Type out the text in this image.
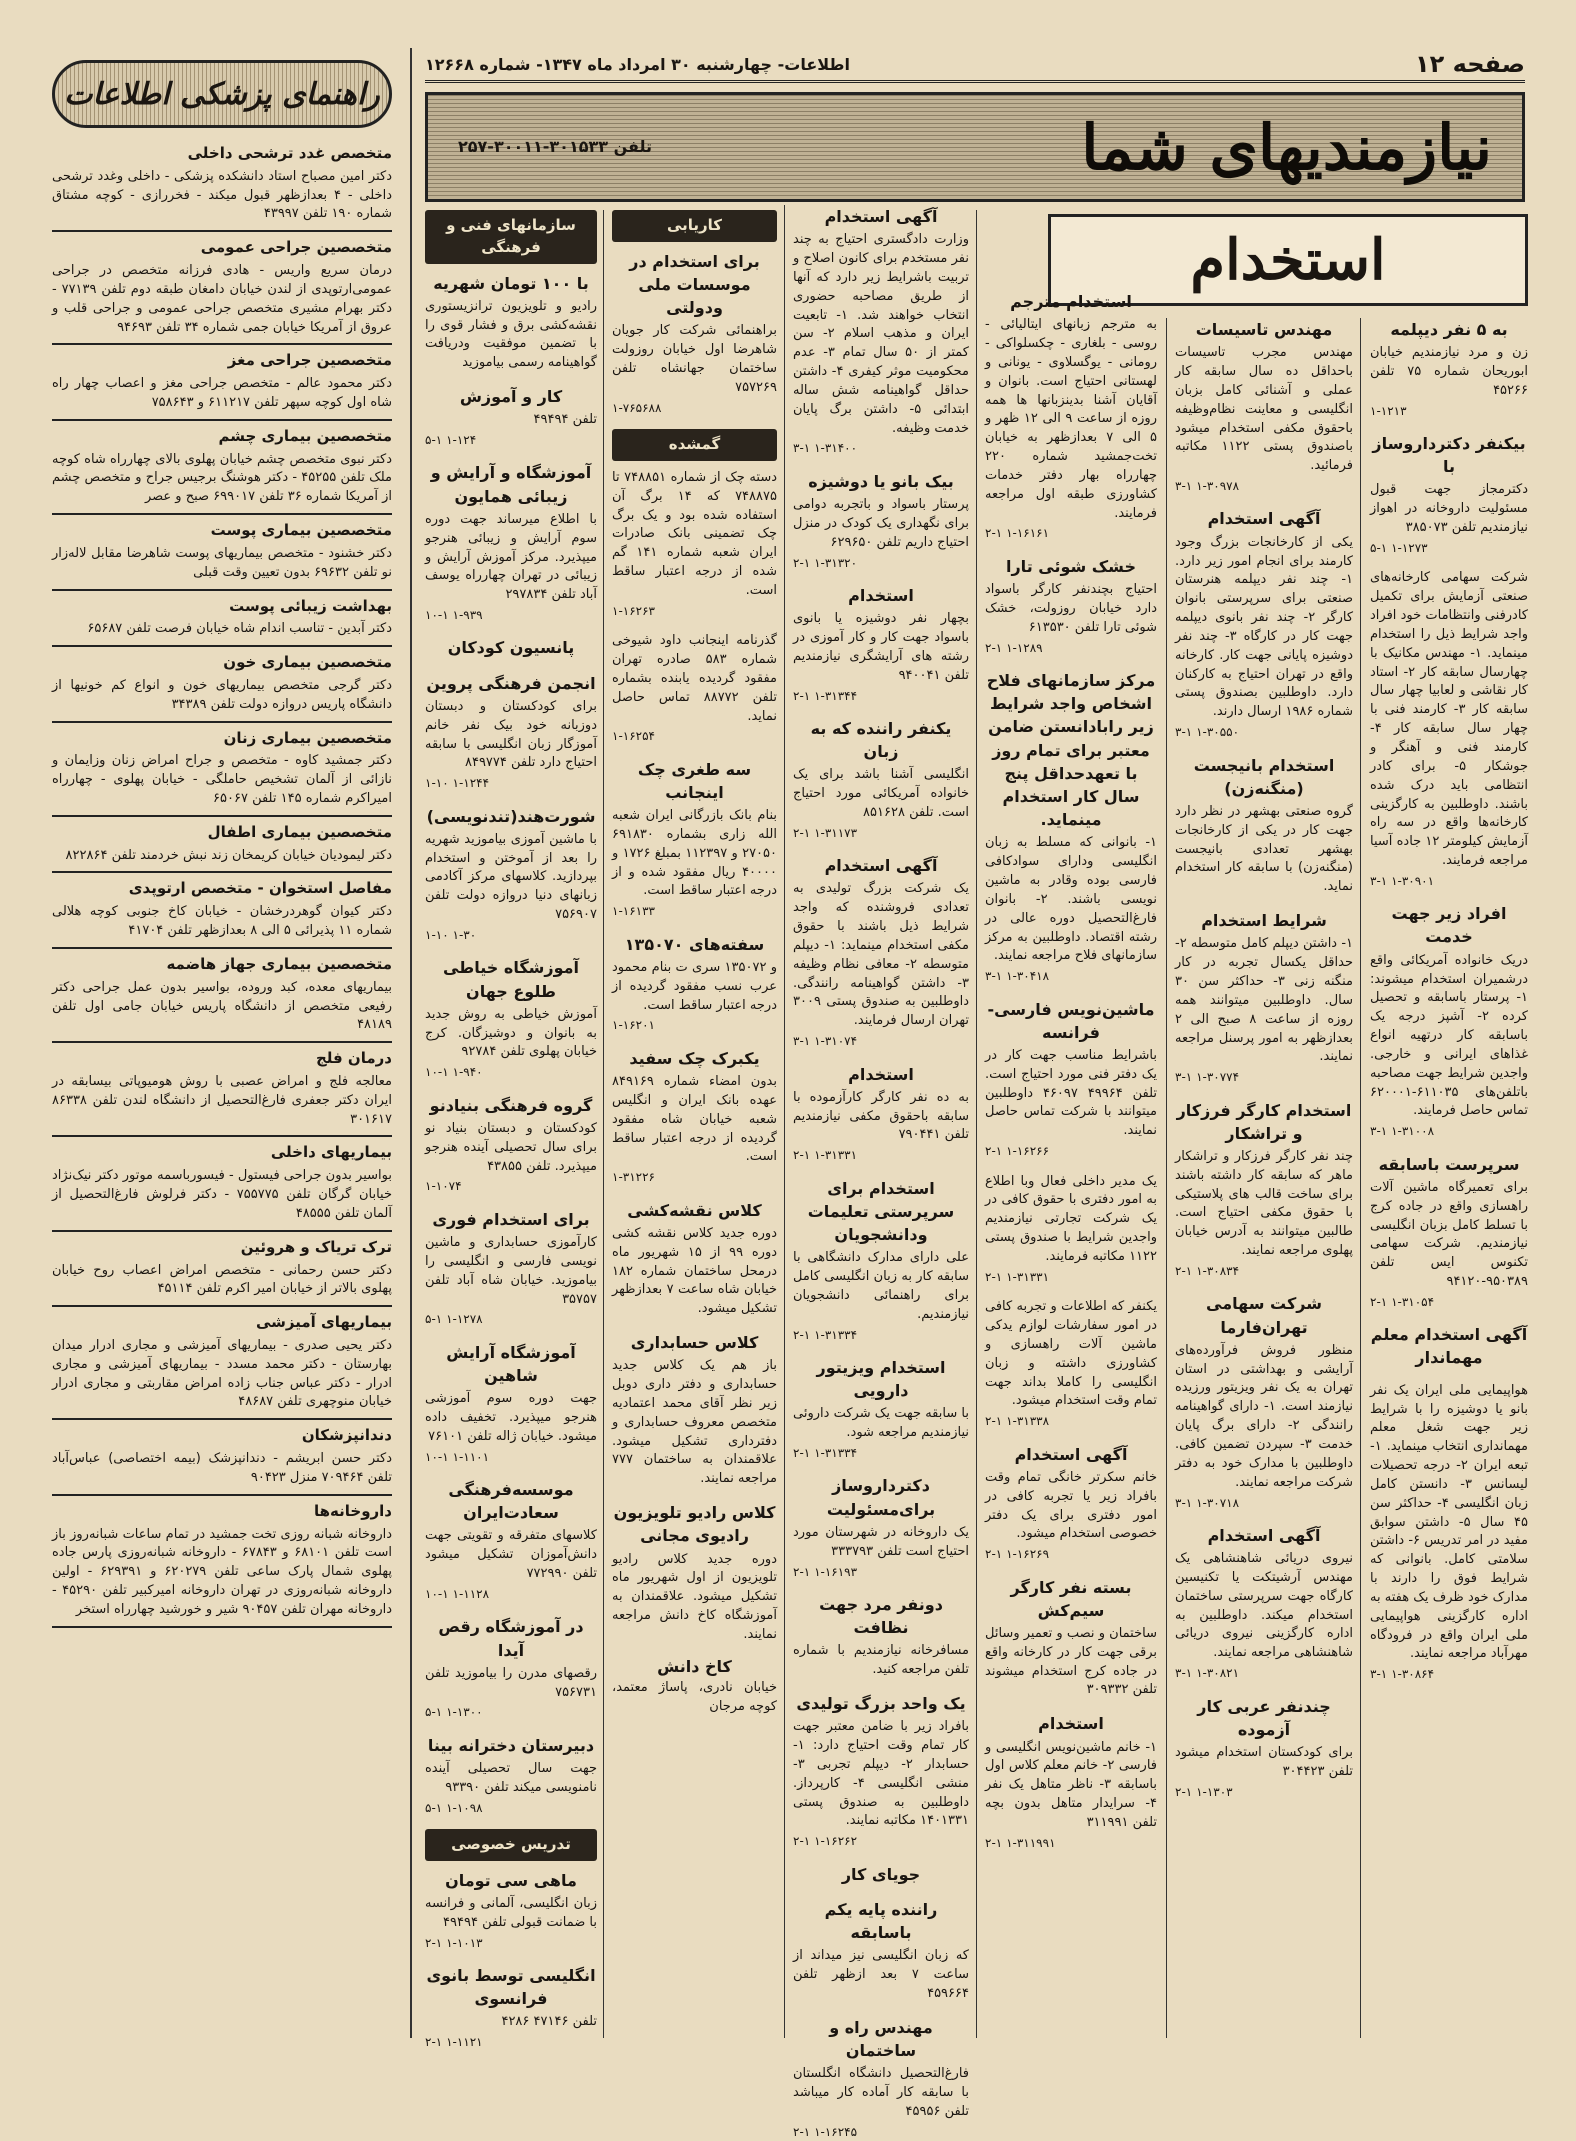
صفحه ۱۲
اطلاعات- چهارشنبه ۳۰ امرداد ماه ۱۳۴۷- شماره ۱۲۶۶۸
نیازمندیهای شما
تلفن ۳۰۱۵۳۳-۳۰۰۱۱-۲۵۷
استخدام
به ۵ نفر دیپلمه

زن و مرد نیازمندیم خیابان ابوریحان شماره ۷۵ تلفن ۴۵۲۶۶

۱-۱۲۱۳
بیکنفر دکترداروساز با

دکترمجاز جهت قبول مسئولیت داروخانه در اهواز نیازمندیم تلفن ۳۸۵۰۷۳

۱-۱۲۷۳ ۵-۱

شرکت سهامی کارخانه‌های صنعتی آزمایش برای تکمیل کادرفنی وانتظامات خود افراد واجد شرایط ذیل را استخدام مینماید. ۱- مهندس مکانیک با چهارسال سابقه کار ۲- استاد کار نقاشی و لعابیا چهار سال سابقه کار ۳- کارمند فنی با چهار سال سابقه کار ۴- کارمند فنی و آهنگر و جوشکار ۵- برای کادر انتظامی باید درک شده باشند. داوطلبین به کارگزینی کارخانه‌ها واقع در سه راه آزمایش کیلومتر ۱۲ جاده آسیا مراجعه فرمایند.

۱-۳۰۹۰۱ ۳-۱
افراد زیر جهت خدمت

دریک خانواده آمریکائی واقع درشمیران استخدام میشوند: ۱- پرستار باسابقه و تحصیل کرده ۲- آشپز درجه یک باسابقه کار درتهیه انواع غذاهای ایرانی و خارجی. واجدین شرایط جهت مصاحبه باتلفن‌های ۶۱۱۰۳۵-۶۲۰۰۰۱ تماس حاصل فرمایند.

۱-۳۱۰۰۸ ۳-۱
سرپرست باسابقه

برای تعمیرگاه ماشین آلات راهسازی واقع در جاده کرج با تسلط کامل بزبان انگلیسی نیازمندیم. شرکت سهامی تکنوس ایس تلفن ۹۵۰۳۸۹-۹۴۱۲۰

۱-۳۱۰۵۴ ۲-۱
آگهی استخدام معلم مهماندار

هواپیمایی ملی ایران یک نفر بانو یا دوشیزه را با شرایط زیر جهت شغل معلم مهمانداری انتخاب مینماید. ۱- تبعه ایران ۲- درجه تحصیلات لیسانس ۳- دانستن کامل زبان انگلیسی ۴- حداکثر سن ۴۵ سال ۵- داشتن سوابق مفید در امر تدریس ۶- داشتن سلامتی کامل. بانوانی که شرایط فوق را دارند با مدارک خود ظرف یک هفته به اداره کارگزینی هواپیمایی ملی ایران واقع در فرودگاه مهرآباد مراجعه نمایند.

۱-۳۰۸۶۴ ۳-۱
مهندس تاسیسات

مهندس مجرب تاسیسات باحداقل ده سال سابقه کار عملی و آشنائی کامل بزبان انگلیسی و معاینت نظام‌وظیفه باحقوق مکفی استخدام میشود باصندوق پستی ۱۱۲۲ مکاتبه فرمائید.

۱-۳۰۹۷۸ ۳-۱
آگهی استخدام

یکی از کارخانجات بزرگ وجود کارمند برای انجام امور زیر دارد. ۱- چند نفر دیپلمه هنرستان صنعتی برای سرپرستی بانوان کارگر ۲- چند نفر بانوی دیپلمه جهت کار در کارگاه ۳- چند نفر دوشیزه پایانی جهت کار. کارخانه واقع در تهران احتیاج به کارکنان دارد. داوطلبین بصندوق پستی شماره ۱۹۸۶ ارسال دارند.

۱-۳۰۵۵۰ ۳-۱
استخدام بانیجست (منگنه‌زن)

گروه صنعتی بهشهر در نظر دارد جهت کار در یکی از کارخانجات بهشهر تعدادی بانیجست (منگنه‌زن) با سابقه کار استخدام نماید.

شرایط استخدام

۱- داشتن دیپلم کامل متوسطه ۲- حداقل یکسال تجربه در کار منگنه زنی ۳- حداکثر سن ۳۰ سال. داوطلبین میتوانند همه روزه از ساعت ۸ صبح الی ۲ بعدازظهر به امور پرسنل مراجعه نمایند.

۱-۳۰۷۷۴ ۳-۱
استخدام کارگر فرزکار و تراشکار

چند نفر کارگر فرزکار و تراشکار ماهر که سابقه کار داشته باشند برای ساخت قالب های پلاستیکی با حقوق مکفی احتیاج است. طالبین میتوانند به آدرس خیابان پهلوی مراجعه نمایند.

۱-۳۰۸۳۴ ۲-۱
شرکت سهامی تهران‌فارما

منظور فروش فرآورده‌های آرایشی و بهداشتی در استان تهران به یک نفر ویزیتور ورزیده نیازمند است. ۱- دارای گواهینامه رانندگی ۲- دارای برگ پایان خدمت ۳- سپردن تضمین کافی. داوطلبین با مدارک خود به دفتر شرکت مراجعه نمایند.

۱-۳۰۷۱۸ ۳-۱
آگهی استخدام

نیروی دریائی شاهنشاهی یک مهندس آرشیتکت یا تکنیسین کارگاه جهت سرپرستی ساختمان استخدام میکند. داوطلبین به اداره کارگزینی نیروی دریائی شاهنشاهی مراجعه نمایند.

۱-۳۰۸۲۱ ۳-۱
چندنفر عربی کار آزموده

برای کودکستان استخدام میشود تلفن ۳۰۴۴۲۳

۱-۱۳۰۳ ۲-۱
استخدام مترجم

به مترجم زبانهای ایتالیائی - روسی - بلغاری - چکسلواکی - رومانی - یوگسلاوی - یونانی و لهستانی احتیاج است. بانوان و آقایان آشنا بدینزبانها ها همه روزه از ساعت ۹ الی ۱۲ ظهر و ۵ الی ۷ بعدازظهر به خیابان تخت‌جمشید شماره ۲۲۰ چهارراه بهار دفتر خدمات کشاورزی طبقه اول مراجعه فرمایند.

۱-۱۶۱۶۱ ۲-۱
خشک شوئی تارا

احتیاج بچندنفر کارگر باسواد دارد خیابان روزولت، خشک شوئی تارا تلفن ۶۱۳۵۳۰

۱-۱۲۸۹ ۲-۱
مرکز سازمانهای فلاح اشخاص واجد شرایط زیر رابادانستن ضامن معتبر برای تمام روز با تعهدحداقل پنج سال کار استخدام مینماید.

۱- بانوانی که مسلط به زبان انگلیسی ودارای سوادکافی فارسی بوده وقادر به ماشین نویسی باشند. ۲- بانوان فارغ‌التحصیل دوره عالی در رشته اقتصاد. داوطلبین به مرکز سازمانهای فلاح مراجعه نمایند.

۱-۳۰۴۱۸ ۳-۱
ماشین‌نویس فارسی-فرانسه

باشرایط مناسب جهت کار در یک دفتر فنی مورد احتیاج است. تلفن ۴۹۹۶۴ ۴۶۰۹۷ داوطلبین میتوانند با شرکت تماس حاصل نمایند.

۱-۱۶۲۶۶ ۲-۱

یک مدیر داخلی فعال وبا اطلاع به امور دفتری با حقوق کافی در یک شرکت تجارتی نیازمندیم واجدین شرایط با صندوق پستی ۱۱۲۲ مکاتبه فرمایند.

۱-۳۱۳۳۱ ۲-۱

یکنفر که اطلاعات و تجربه کافی در امور سفارشات لوازم یدکی ماشین آلات راهسازی و کشاورزی داشته و زبان انگلیسی را کاملا بداند جهت تمام وقت استخدام میشود.

۱-۳۱۳۳۸ ۲-۱
آگهی استخدام

خانم سکرتر خانگی تمام وقت بافراد زیر یا تجربه کافی در امور دفتری برای یک دفتر خصوصی استخدام میشود.

۱-۱۶۲۶۹ ۲-۱
بسته نفر کارگر سیم‌کش

ساختمان و نصب و تعمیر وسائل برقی جهت کار در کارخانه واقع در جاده کرج استخدام میشوند تلفن ۳۰۹۳۳۲

استخدام

۱- خانم ماشین‌نویس انگلیسی و فارسی ۲- خانم معلم کلاس اول باسابقه ۳- ناظر متاهل یک نفر ۴- سرایدار متاهل بدون بچه تلفن ۳۱۱۹۹۱

۱-۳۱۱۹۹۱ ۲-۱
آگهی استخدام

وزارت دادگستری احتیاج به چند نفر مستخدم برای کانون اصلاح و تربیت باشرایط زیر دارد که آنها از طریق مصاحبه حضوری انتخاب خواهند شد. ۱- تابعیت ایران و مذهب اسلام ۲- سن کمتر از ۵۰ سال تمام ۳- عدم محکومیت موثر کیفری ۴- داشتن حداقل گواهینامه شش ساله ابتدائی ۵- داشتن برگ پایان خدمت وظیفه.

۱-۳۱۴۰۰ ۳-۱
بیک بانو یا دوشیزه

پرستار باسواد و باتجربه دوامی برای نگهداری یک کودک در منزل احتیاج داریم تلفن ۶۲۹۶۵۰

۱-۳۱۳۲۰ ۲-۱
استخدام

بچهار نفر دوشیزه یا بانوی باسواد جهت کار و کار آموزی در رشته های آرایشگری نیازمندیم تلفن ۹۴۰۰۴۱

۱-۳۱۳۴۴ ۲-۱
یکنفر راننده که به زبان

انگلیسی آشنا باشد برای یک خانواده آمریکائی مورد احتیاج است. تلفن ۸۵۱۶۲۸

۱-۳۱۱۷۳ ۲-۱
آگهی استخدام

یک شرکت بزرگ تولیدی به تعدادی فروشنده که واجد شرایط ذیل باشند با حقوق مکفی استخدام مینماید: ۱- دیپلم متوسطه ۲- معافی نظام وظیفه ۳- داشتن گواهینامه رانندگی. داوطلبین به صندوق پستی ۳۰۰۹ تهران ارسال فرمایند.

۱-۳۱۰۷۴ ۳-۱
استخدام

به ده نفر کارگر کارآزموده با سابقه باحقوق مکفی نیازمندیم تلفن ۷۹۰۴۴۱

۱-۳۱۳۳۱ ۲-۱
استخدام برای سرپرستی تعلیمات ودانشجویان

علی دارای مدارک دانشگاهی با سابقه کار به زبان انگلیسی کامل برای راهنمائی دانشجویان نیازمندیم.

۱-۳۱۳۳۴ ۲-۱
استخدام ویزیتور دارویی

با سابقه جهت یک شرکت داروئی نیازمندیم مراجعه شود.

۱-۳۱۳۳۴ ۲-۱
دکترداروساز برای‌مسئولیت

یک داروخانه در شهرستان مورد احتیاج است تلفن ۳۳۳۷۹۳

۱-۱۶۱۹۳ ۲-۱
دونفر مرد جهت نظافت

مسافرخانه نیازمندیم با شماره تلفن مراجعه کنید.

یک واحد بزرگ تولیدی

بافراد زیر با ضامن معتبر جهت کار تمام وقت احتیاج دارد: ۱- حسابدار ۲- دیپلم تجربی ۳- منشی انگلیسی ۴- کارپرداز. داوطلبین به صندوق پستی ۱۴۰۱۳۳۱ مکاتبه نمایند.

۱-۱۶۲۶۲ ۲-۱
جویای کار
راننده پایه یکم باسابقه

که زبان انگلیسی نیز میداند از ساعت ۷ بعد ازظهر تلفن ۴۵۹۶۶۴

مهندس راه و ساختمان

فارغ‌التحصیل دانشگاه انگلستان با سابقه کار آماده کار میباشد تلفن ۴۵۹۵۶

۱-۱۶۲۴۵ ۲-۱
کاریابی
برای استخدام در موسسات ملی ودولتی

براهنمائی شرکت کار جویان شاهرضا اول خیابان روزولت ساختمان جهانشاه تلفن ۷۵۷۲۶۹

۱-۷۶۵۶۸۸
گمشده

دسته چک از شماره ۷۴۸۸۵۱ تا ۷۴۸۸۷۵ که ۱۴ برگ آن استفاده شده بود و یک برگ چک تضمینی بانک صادرات ایران شعبه شماره ۱۴۱ گم شده از درجه اعتبار ساقط است.

۱-۱۶۲۶۳

گذرنامه اینجانب داود شیوخی شماره ۵۸۳ صادره تهران مفقود گردیده یابنده بشماره تلفن ۸۸۷۷۲ تماس حاصل نماید.

۱-۱۶۲۵۴
سه طغری چک اینجانب

بنام بانک بازرگانی ایران شعبه الله زاری بشماره ۶۹۱۸۳۰ ۲۷۰۵۰ و ۱۱۲۳۹۷ بمبلغ ۱۷۲۶ و ۴۰۰۰۰ ریال مفقود شده و از درجه اعتبار ساقط است.

۱-۱۶۱۳۳
سفته‌های ۱۳۵۰۷۰

و ۱۳۵۰۷۲ سری ت بنام محمود عرب نسب مفقود گردیده از درجه اعتبار ساقط است.

۱-۱۶۲۰۱
یکبرک چک سفید

بدون امضاء شماره ۸۴۹۱۶۹ عهده بانک ایران و انگلیس شعبه خیابان شاه مفقود گردیده از درجه اعتبار ساقط است.

۱-۳۱۲۲۶
کلاس نقشه‌کشی

دوره جدید کلاس نقشه کشی دوره ۹۹ از ۱۵ شهریور ماه درمحل ساختمان شماره ۱۸۲ خیابان شاه ساعت ۷ بعدازظهر تشکیل میشود.

کلاس حسابداری

باز هم یک کلاس جدید حسابداری و دفتر داری دوبل زیر نظر آقای محمد اعتمادیه متخصص معروف حسابداری و دفترداری تشکیل میشود. علاقمندان به ساختمان ۷۷۷ مراجعه نمایند.

کلاس رادیو تلویزیون رادیوی مجانی

دوره جدید کلاس رادیو تلویزیون از اول شهریور ماه تشکیل میشود. علاقمندان به آموزشگاه کاخ دانش مراجعه نمایند.

کاخ دانش

خیابان نادری، پاساژ معتمد، کوچه مرجان

سازمانهای فنی و فرهنگی
با ۱۰۰ تومان شهریه

رادیو و تلویزیون ترانزیستوری نقشه‌کشی برق و فشار قوی را با تضمین موفقیت ودریافت گواهینامه رسمی بیاموزید

کار و آموزش

تلفن ۴۹۴۹۴

۱-۱۲۴ ۵-۱
آموزشگاه و آرایش و زیبائی همایون

با اطلاع میرساند جهت دوره سوم آرایش و زیبائی هنرجو میپذیرد. مرکز آموزش آرایش و زیبائی در تهران چهارراه یوسف آباد تلفن ۲۹۷۸۳۴

۱-۹۳۹ ۱۰-۱
پانسیون کودکان
انجمن فرهنگی پروین

برای کودکستان و دبستان دوزبانه خود بیک نفر خانم آموزگار زبان انگلیسی با سابقه احتیاج دارد تلفن ۸۴۹۷۷۴

۱-۱۲۴۴ ۱-۱۰
شورت‌هند(تندنویسی)

با ماشین آموزی بیاموزید شهریه را بعد از آموختن و استخدام بپردازید. کلاسهای مرکز آکادمی زبانهای دنیا دروازه دولت تلفن ۷۵۶۹۰۷

۱-۳۰ ۱-۱۰
آموزشگاه خیاطی طلوع جهان

آموزش خیاطی به روش جدید به بانوان و دوشیزگان. کرج خیابان پهلوی تلفن ۹۲۷۸۴

۱-۹۴۰ ۱۰-۱
گروه فرهنگی بنیادنو

کودکستان و دبستان بنیاد نو برای سال تحصیلی آینده هنرجو میپذیرد. تلفن ۴۳۸۵۵

۱-۱۰۷۴
برای استخدام فوری

کارآموزی حسابداری و ماشین نویسی فارسی و انگلیسی را بیاموزید. خیابان شاه آباد تلفن ۳۵۷۵۷

۱-۱۲۷۸ ۵-۱
آموزشگاه آرایش شاهین

جهت دوره سوم آموزشی هنرجو میپذیرد. تخفیف داده میشود. خیابان ژاله تلفن ۷۶۱۰۱

۱-۱۱۰۱ ۱۰-۱
موسسه‌فرهنگی سعادت‌ایران

کلاسهای متفرقه و تقویتی جهت دانش‌آموزان تشکیل میشود تلفن ۷۷۲۹۹۰

۱-۱۱۲۸ ۱۰-۱
در آموزشگاه رقص آیدا

رقصهای مدرن را بیاموزید تلفن ۷۵۶۷۳۱

۱-۱۳۰۰ ۵-۱
دبیرستان دخترانه بینا

جهت سال تحصیلی آینده نامنویسی میکند تلفن ۹۳۳۹۰

۱-۱۰۹۸ ۵-۱
تدریس خصوصی
ماهی سی تومان

زبان انگلیسی، آلمانی و فرانسه با ضمانت قبولی تلفن ۴۹۴۹۴

۱-۱۰۱۳ ۲-۱
انگلیسی توسط بانوی فرانسوی

تلفن ۴۷۱۴۶ ۴۲۸۶

۱-۱۱۲۱ ۲-۱
راهنمای پزشکی اطلاعات
متخصص غدد ترشحی داخلی

دکتر امین مصباح استاد دانشکده پزشکی - داخلی وغدد ترشحی داخلی - ۴ بعدازظهر قبول میکند - فخررازی - کوچه مشتاق شماره ۱۹۰ تلفن ۴۳۹۹۷

متخصصین جراحی عمومی

درمان سریع واریس - هادی فرزانه متخصص در جراحی عمومی‌ارتوپدی از لندن خیابان دامغان طبقه دوم تلفن ۷۷۱۳۹ - دکتر بهرام مشیری متخصص جراحی عمومی و جراحی قلب و عروق از آمریکا خیابان جمی شماره ۳۴ تلفن ۹۴۶۹۳

متخصصین جراحی مغز

دکتر محمود عالم - متخصص جراحی مغز و اعصاب چهار راه شاه اول کوچه سپهر تلفن ۶۱۱۲۱۷ و ۷۵۸۶۴۳

متخصصین بیماری چشم

دکتر نبوی متخصص چشم خیابان پهلوی بالای چهارراه شاه کوچه ملک تلفن ۴۵۲۵۵ - دکتر هوشنگ برجیس جراح و متخصص چشم از آمریکا شماره ۳۶ تلفن ۶۹۹۰۱۷ صبح و عصر

متخصصین بیماری پوست

دکتر خشنود - متخصص بیماریهای پوست شاهرضا مقابل لاله‌زار نو تلفن ۶۹۶۳۲ بدون تعیین وقت قبلی

بهداشت زیبائی پوست

دکتر آبدین - تناسب اندام شاه خیابان فرصت تلفن ۶۵۶۸۷

متخصصین بیماری خون

دکتر گرجی متخصص بیماریهای خون و انواع کم خونیها از دانشگاه پاریس دروازه دولت تلفن ۳۴۳۸۹

متخصصین بیماری زنان

دکتر جمشید کاوه - متخصص و جراح امراض زنان وزایمان و نازائی از آلمان تشخیص حاملگی - خیابان پهلوی - چهارراه امیراکرم شماره ۱۴۵ تلفن ۶۵۰۶۷

متخصصین بیماری اطفال

دکتر لیمودیان خیابان کریمخان زند نبش خردمند تلفن ۸۲۲۸۶۴

مفاصل استخوان - متخصص ارتوپدی

دکتر کیوان گوهردرخشان - خیابان کاخ جنوبی کوچه هلالی شماره ۱۱ پذیرائی ۵ الی ۸ بعدازظهر تلفن ۴۱۷۰۴

متخصصین بیماری جهاز هاضمه

بیماریهای معده، کبد وروده، بواسیر بدون عمل جراحی دکتر رفیعی متخصص از دانشگاه پاریس خیابان جامی اول تلفن ۴۸۱۸۹

درمان فلج

معالجه فلج و امراض عصبی با روش هومیوپاتی بیسابقه در ایران دکتر جعفری فارغ‌التحصیل از دانشگاه لندن تلفن ۸۶۳۳۸ ۳۰۱۶۱۷

بیماریهای داخلی

بواسیر بدون جراحی فیستول - فیسورباسمه موتور دکتر نیک‌نژاد خیابان گرگان تلفن ۷۵۵۷۷۵ - دکتر فرلوش فارغ‌التحصیل از آلمان تلفن ۴۸۵۵۵

ترک تریاک و هروئین

دکتر حسن رحمانی - متخصص امراض اعصاب روح خیابان پهلوی بالاتر از خیابان امیر اکرم تلفن ۴۵۱۱۴

بیماریهای آمیزشی

دکتر یحیی صدری - بیماریهای آمیزشی و مجاری ادرار میدان بهارستان - دکتر محمد مسدد - بیماریهای آمیزشی و مجاری ادرار - دکتر عباس جناب زاده امراض مقاربتی و مجاری ادرار خیابان منوچهری تلفن ۴۸۶۸۷

دندانپزشکان

دکتر حسن ابریشم - دندانپزشک (بیمه اختصاصی) عباس‌آباد تلفن ۷۰۹۴۶۴ منزل ۹۰۴۲۳

داروخانه‌ها

داروخانه شبانه روزی تخت جمشید در تمام ساعات شبانه‌روز باز است تلفن ۶۸۱۰۱ و ۶۷۸۴۳ - داروخانه شبانه‌روزی پارس جاده پهلوی شمال پارک ساعی تلفن ۶۲۰۲۷۹ و ۶۲۹۳۹۱ - اولین داروخانه شبانه‌روزی در تهران داروخانه امیرکبیر تلفن ۴۵۲۹۰ - داروخانه مهران تلفن ۹۰۴۵۷ شیر و خورشید چهارراه استخر
